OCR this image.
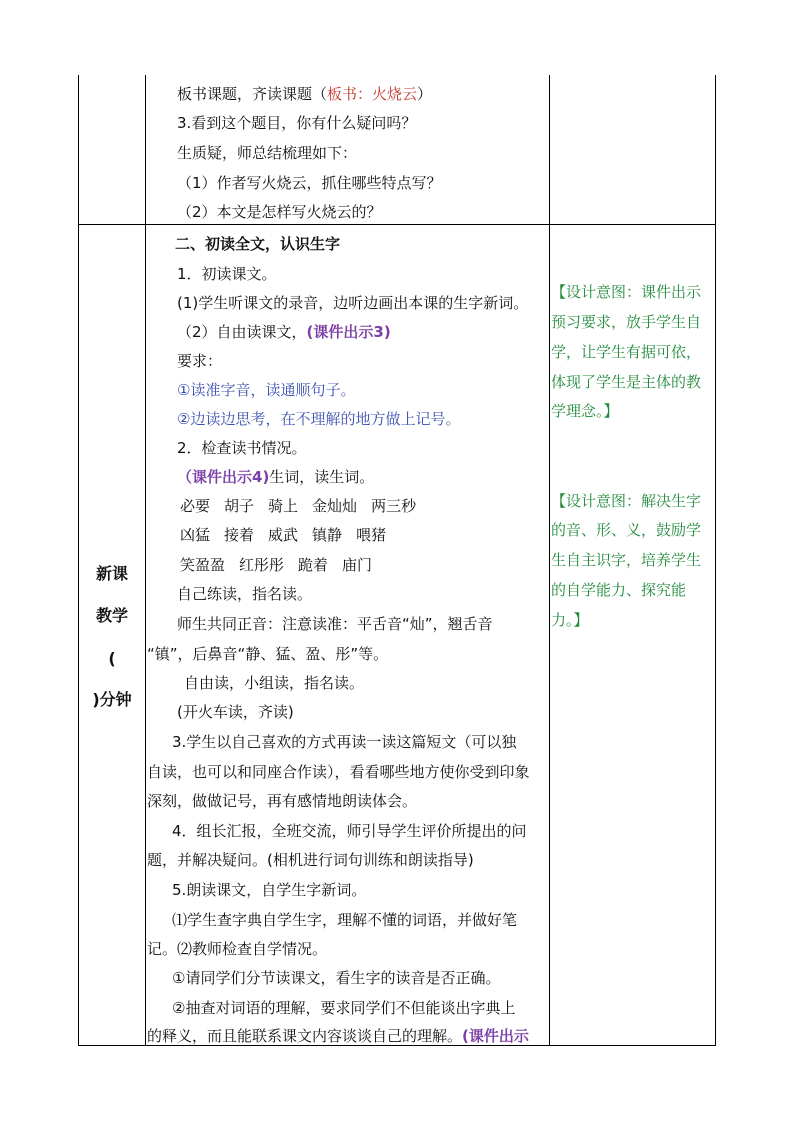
板书课题，齐读课题（板书：火烧云）
3.看到这个题目，你有什么疑问吗？
生质疑，师总结梳理如下：
（1）作者写火烧云，抓住哪些特点写？
（2）本文是怎样写火烧云的？
新课
教学
(
)分钟
二、初读全文，认识生字
1．初读课文。
(1)学生听课文的录音，边听边画出本课的生字新词。
（2）自由读课文，(课件出示3)
要求：
①读准字音，读通顺句子。
②边读边思考，在不理解的地方做上记号。
2．检查读书情况。
（课件出示4)生词，读生词。
必要 胡子 骑上 金灿灿 两三秒
凶猛 接着 威武 镇静 喂猪
笑盈盈 红彤彤 跪着 庙门
自己练读，指名读。
师生共同正音：注意读准：平舌音“灿”，翘舌音
“镇”，后鼻音“静、猛、盈、彤”等。
自由读，小组读，指名读。
(开火车读，齐读)
3.学生以自己喜欢的方式再读一读这篇短文（可以独
自读，也可以和同座合作读），看看哪些地方使你受到印象
深刻，做做记号，再有感情地朗读体会。
4．组长汇报，全班交流，师引导学生评价所提出的问
题，并解决疑问。(相机进行词句训练和朗读指导)
5.朗读课文，自学生字新词。
⑴学生查字典自学生字，理解不懂的词语，并做好笔
记。⑵教师检查自学情况。
①请同学们分节读课文，看生字的读音是否正确。
②抽查对词语的理解，要求同学们不但能谈出字典上
的释义，而且能联系课文内容谈谈自己的理解。(课件出示
【设计意图：课件出示
预习要求，放手学生自
学，让学生有据可依，
体现了学生是主体的教
学理念。】
【设计意图：解决生字
的音、形、义，鼓励学
生自主识字，培养学生
的自学能力、探究能
力。】
